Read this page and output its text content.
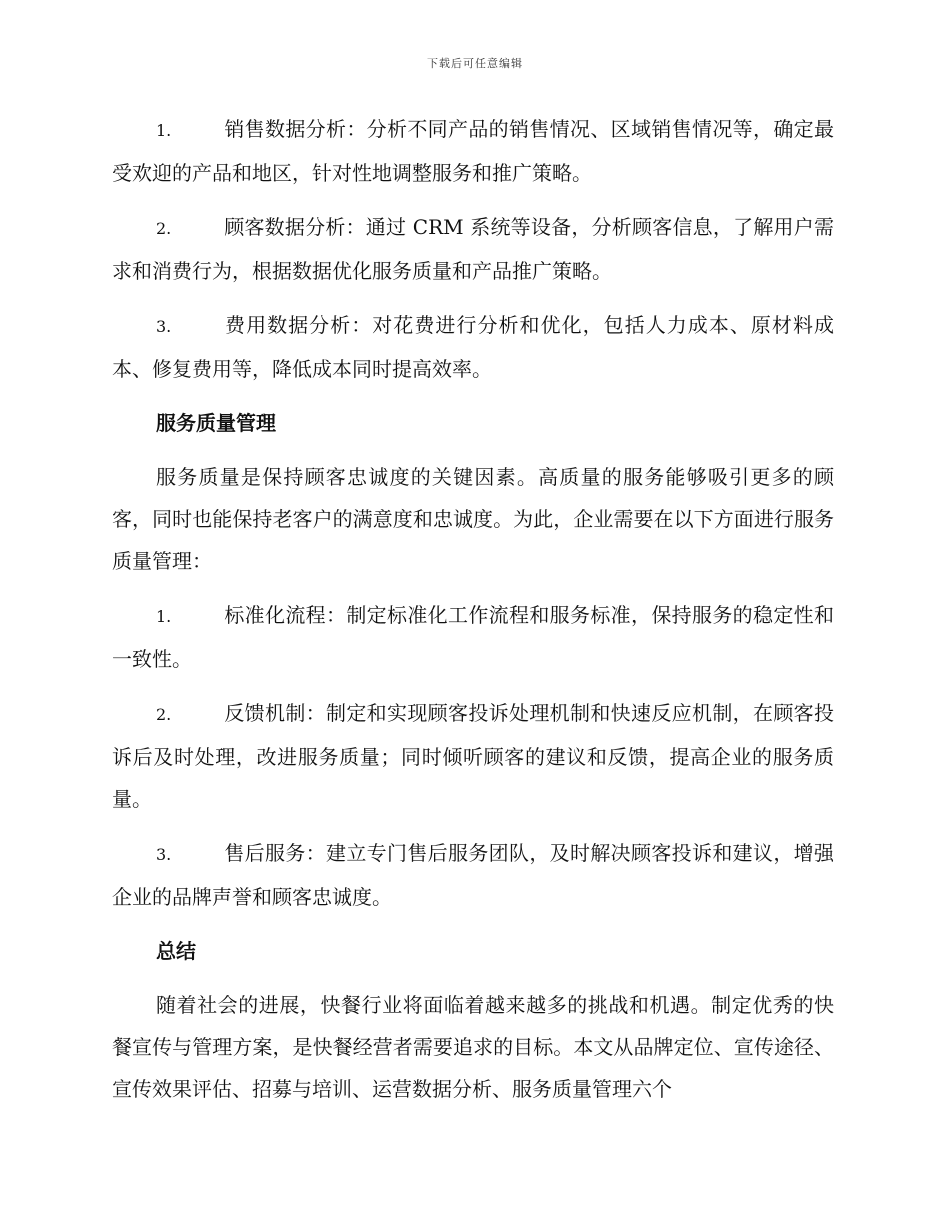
下载后可任意编辑

1.	销售数据分析：分析不同产品的销售情况、区域销售情况等，确定最受欢迎的产品和地区，针对性地调整服务和推广策略。

2.	顾客数据分析：通过 CRM 系统等设备，分析顾客信息，了解用户需求和消费行为，根据数据优化服务质量和产品推广策略。

3.	费用数据分析：对花费进行分析和优化，包括人力成本、原材料成本、修复费用等，降低成本同时提高效率。

服务质量管理

服务质量是保持顾客忠诚度的关键因素。高质量的服务能够吸引更多的顾客，同时也能保持老客户的满意度和忠诚度。为此，企业需要在以下方面进行服务质量管理：

1.	标准化流程：制定标准化工作流程和服务标准，保持服务的稳定性和一致性。

2.	反馈机制：制定和实现顾客投诉处理机制和快速反应机制，在顾客投诉后及时处理，改进服务质量；同时倾听顾客的建议和反馈，提高企业的服务质量。

3.	售后服务：建立专门售后服务团队，及时解决顾客投诉和建议，增强企业的品牌声誉和顾客忠诚度。

总结

随着社会的进展，快餐行业将面临着越来越多的挑战和机遇。制定优秀的快餐宣传与管理方案，是快餐经营者需要追求的目标。本文从品牌定位、宣传途径、宣传效果评估、招募与培训、运营数据分析、服务质量管理六个
